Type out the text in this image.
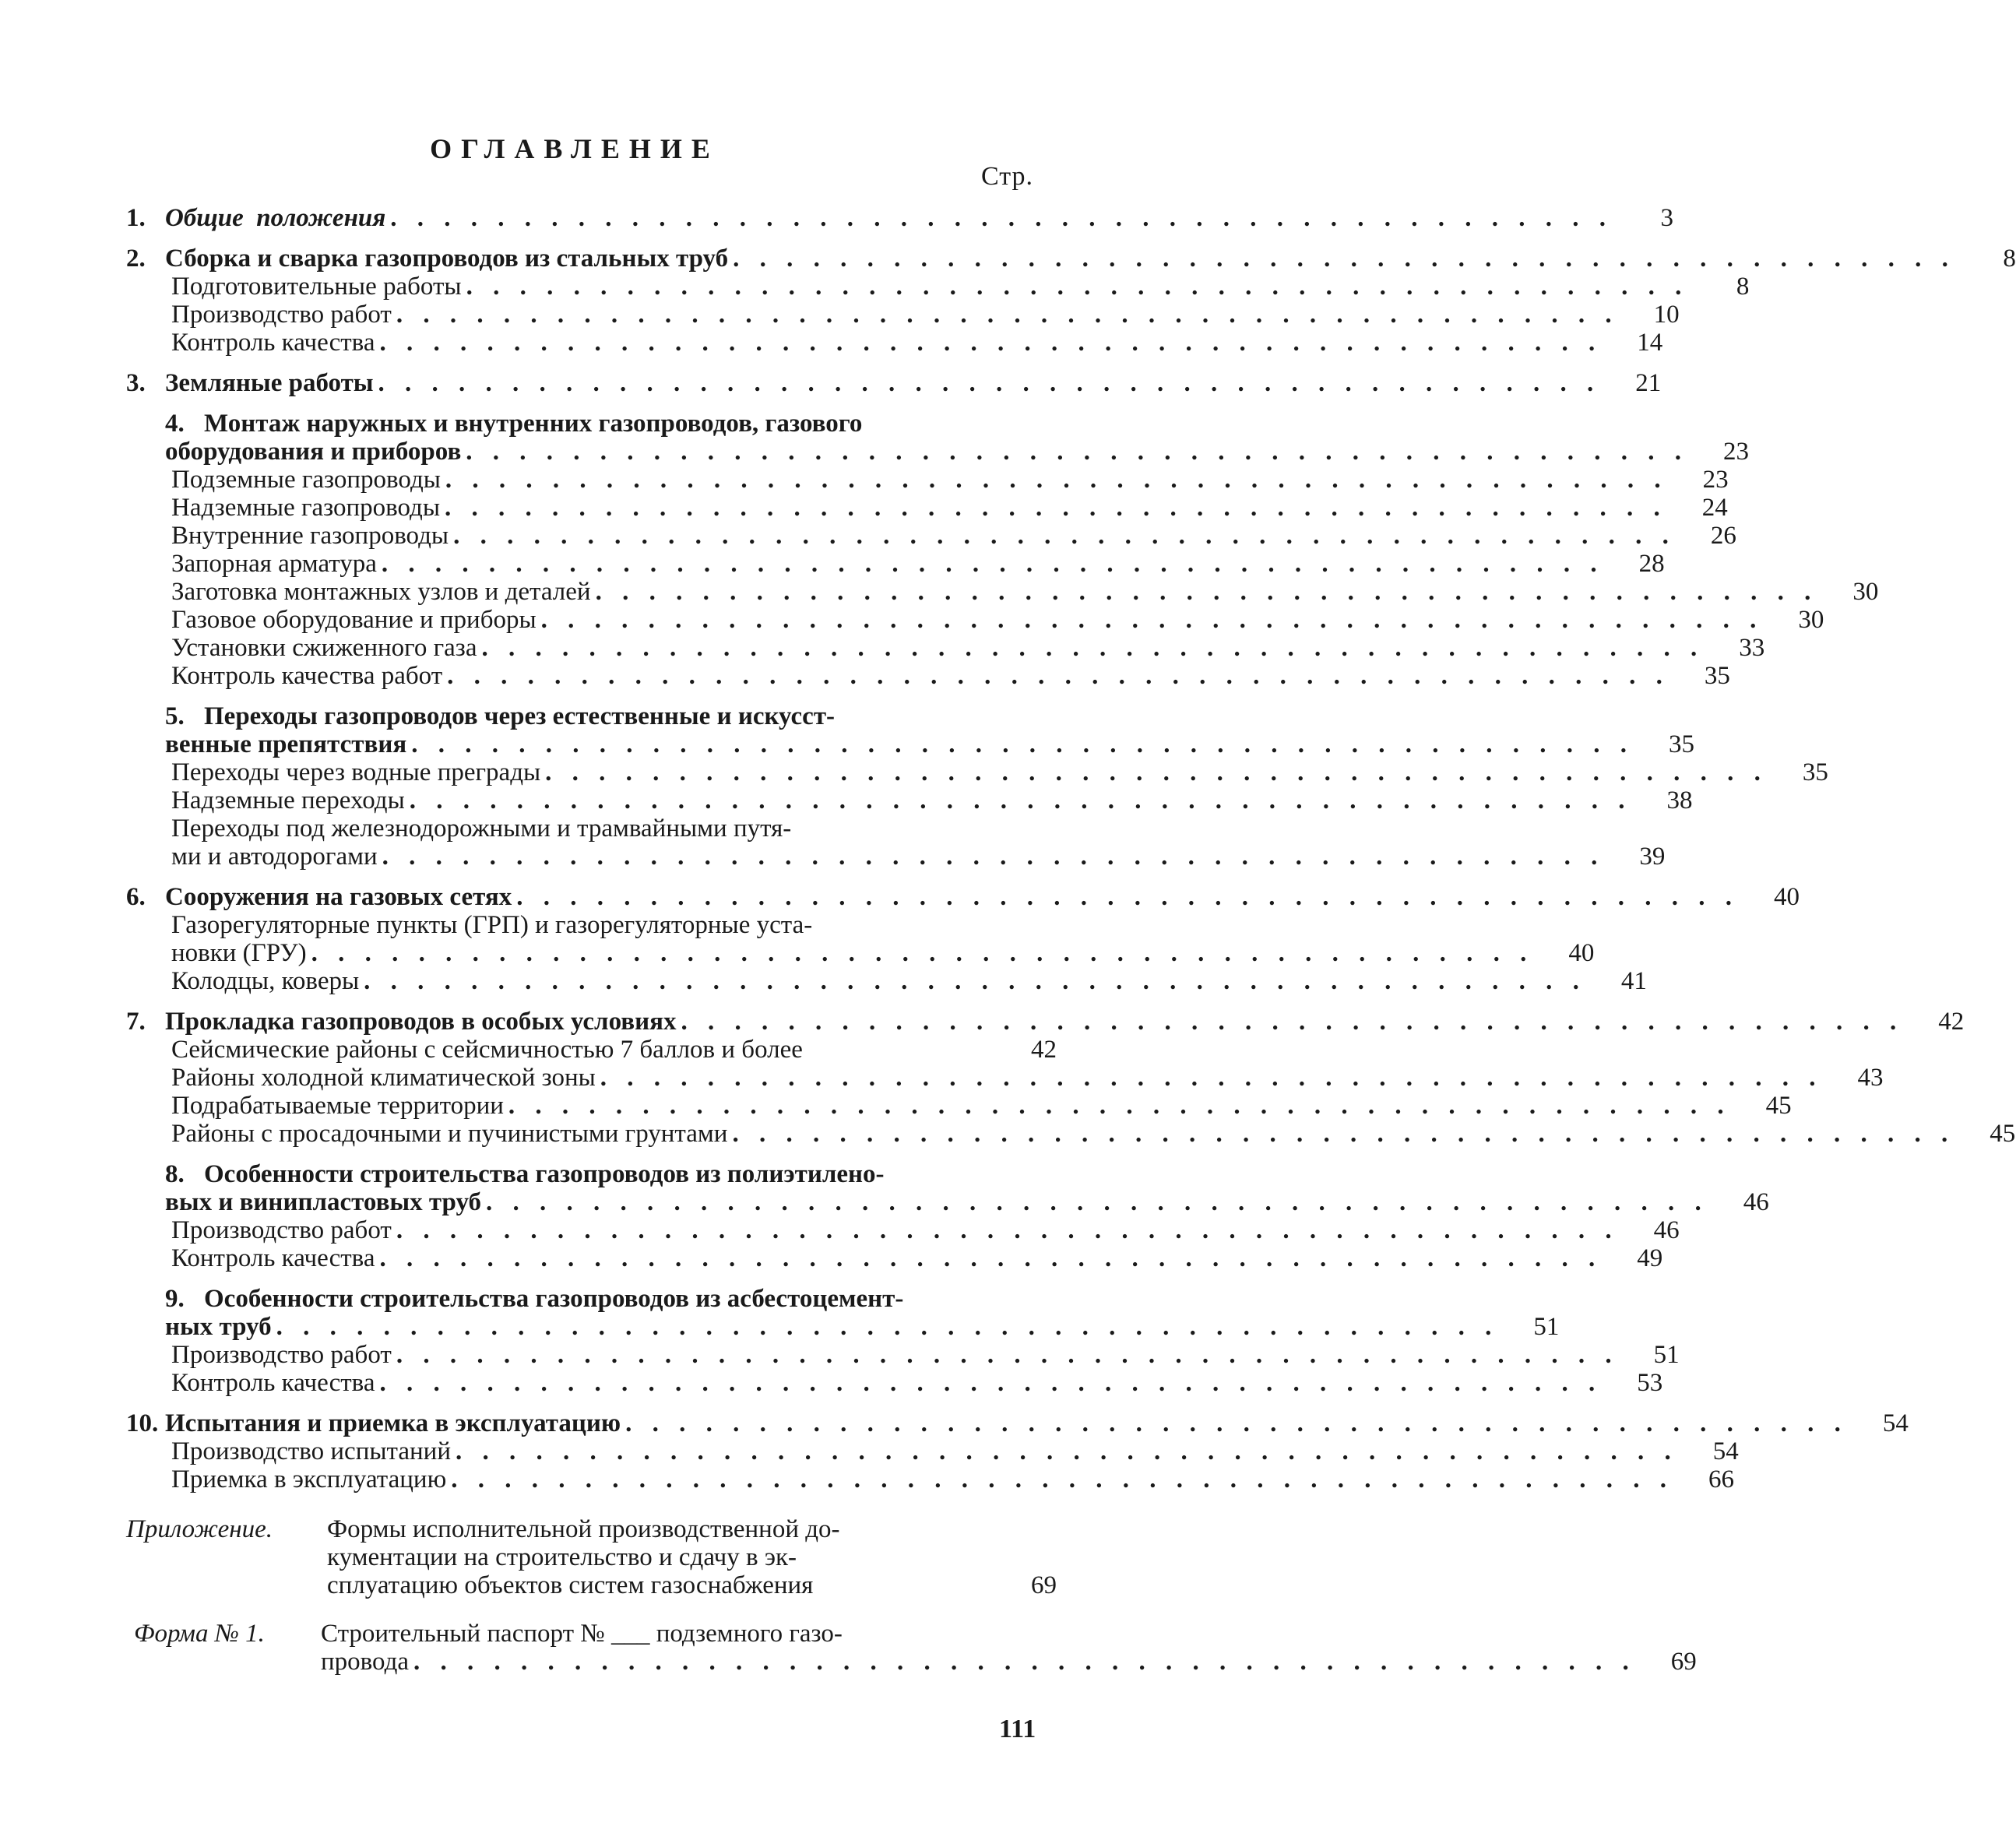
ОГЛАВЛЕНИЕ
Стр.
1. Общие  положения . . . . . . . . . . . . . . . . . . . . . . . . . . . . . . . . . . . . . . . . . . . . . .	3
2. Сборка и сварка газопроводов из стальных труб . . . . . . . . . . . . . . . . . . . . . . . . . . . . . . . . . . . . . . . . . . . . . .	8
Подготовительные работы . . . . . . . . . . . . . . . . . . . . . . . . . . . . . . . . . . . . . . . . . . . . . .	8
Производство работ . . . . . . . . . . . . . . . . . . . . . . . . . . . . . . . . . . . . . . . . . . . . . .	10
Контроль качества . . . . . . . . . . . . . . . . . . . . . . . . . . . . . . . . . . . . . . . . . . . . . .	14
3. Земляные работы . . . . . . . . . . . . . . . . . . . . . . . . . . . . . . . . . . . . . . . . . . . . . .	21
4. Монтаж наружных и внутренних газопроводов, газового
оборудования и приборов . . . . . . . . . . . . . . . . . . . . . . . . . . . . . . . . . . . . . . . . . . . . . .	23
Подземные газопроводы . . . . . . . . . . . . . . . . . . . . . . . . . . . . . . . . . . . . . . . . . . . . . .	23
Надземные газопроводы . . . . . . . . . . . . . . . . . . . . . . . . . . . . . . . . . . . . . . . . . . . . . .	24
Внутренние газопроводы . . . . . . . . . . . . . . . . . . . . . . . . . . . . . . . . . . . . . . . . . . . . . .	26
Запорная арматура . . . . . . . . . . . . . . . . . . . . . . . . . . . . . . . . . . . . . . . . . . . . . .	28
Заготовка монтажных узлов и деталей . . . . . . . . . . . . . . . . . . . . . . . . . . . . . . . . . . . . . . . . . . . . . .	30
Газовое оборудование и приборы . . . . . . . . . . . . . . . . . . . . . . . . . . . . . . . . . . . . . . . . . . . . . .	30
Установки сжиженного газа . . . . . . . . . . . . . . . . . . . . . . . . . . . . . . . . . . . . . . . . . . . . . .	33
Контроль качества работ . . . . . . . . . . . . . . . . . . . . . . . . . . . . . . . . . . . . . . . . . . . . . .	35
5. Переходы газопроводов через естественные и искусст-
венные препятствия . . . . . . . . . . . . . . . . . . . . . . . . . . . . . . . . . . . . . . . . . . . . . .	35
Переходы через водные преграды . . . . . . . . . . . . . . . . . . . . . . . . . . . . . . . . . . . . . . . . . . . . . .	35
Надземные переходы . . . . . . . . . . . . . . . . . . . . . . . . . . . . . . . . . . . . . . . . . . . . . .	38
Переходы под железнодорожными и трамвайными путя-
ми и автодорогами . . . . . . . . . . . . . . . . . . . . . . . . . . . . . . . . . . . . . . . . . . . . . .	39
6. Сооружения на газовых сетях . . . . . . . . . . . . . . . . . . . . . . . . . . . . . . . . . . . . . . . . . . . . . .	40
Газорегуляторные пункты (ГРП) и газорегуляторные уста-
новки (ГРУ) . . . . . . . . . . . . . . . . . . . . . . . . . . . . . . . . . . . . . . . . . . . . . .	40
Колодцы, коверы . . . . . . . . . . . . . . . . . . . . . . . . . . . . . . . . . . . . . . . . . . . . . .	41
7. Прокладка газопроводов в особых условиях . . . . . . . . . . . . . . . . . . . . . . . . . . . . . . . . . . . . . . . . . . . . . .	42
Сейсмические районы с сейсмичностью 7 баллов и более	42
Районы холодной климатической зоны . . . . . . . . . . . . . . . . . . . . . . . . . . . . . . . . . . . . . . . . . . . . . .	43
Подрабатываемые территории . . . . . . . . . . . . . . . . . . . . . . . . . . . . . . . . . . . . . . . . . . . . . .	45
Районы с просадочными и пучинистыми грунтами . . . . . . . . . . . . . . . . . . . . . . . . . . . . . . . . . . . . . . . . . . . . . .	45
8. Особенности строительства газопроводов из полиэтилено-
вых и винипластовых труб . . . . . . . . . . . . . . . . . . . . . . . . . . . . . . . . . . . . . . . . . . . . . .	46
Производство работ . . . . . . . . . . . . . . . . . . . . . . . . . . . . . . . . . . . . . . . . . . . . . .	46
Контроль качества . . . . . . . . . . . . . . . . . . . . . . . . . . . . . . . . . . . . . . . . . . . . . .	49
9. Особенности строительства газопроводов из асбестоцемент-
ных труб . . . . . . . . . . . . . . . . . . . . . . . . . . . . . . . . . . . . . . . . . . . . . .	51
Производство работ . . . . . . . . . . . . . . . . . . . . . . . . . . . . . . . . . . . . . . . . . . . . . .	51
Контроль качества . . . . . . . . . . . . . . . . . . . . . . . . . . . . . . . . . . . . . . . . . . . . . .	53
10. Испытания и приемка в эксплуатацию . . . . . . . . . . . . . . . . . . . . . . . . . . . . . . . . . . . . . . . . . . . . . .	54
Производство испытаний . . . . . . . . . . . . . . . . . . . . . . . . . . . . . . . . . . . . . . . . . . . . . .	54
Приемка в эксплуатацию . . . . . . . . . . . . . . . . . . . . . . . . . . . . . . . . . . . . . . . . . . . . . .	66
Приложение. Формы исполнительной производственной до-
кументации на строительство и сдачу в эк-
сплуатацию объектов систем газоснабжения	69
Форма № 1. Строительный паспорт № ___ подземного газо-
провода . . . . . . . . . . . . . . . . . . . . . . . . . . . . . . . . . . . . . . . . . . . . . .	69
111
